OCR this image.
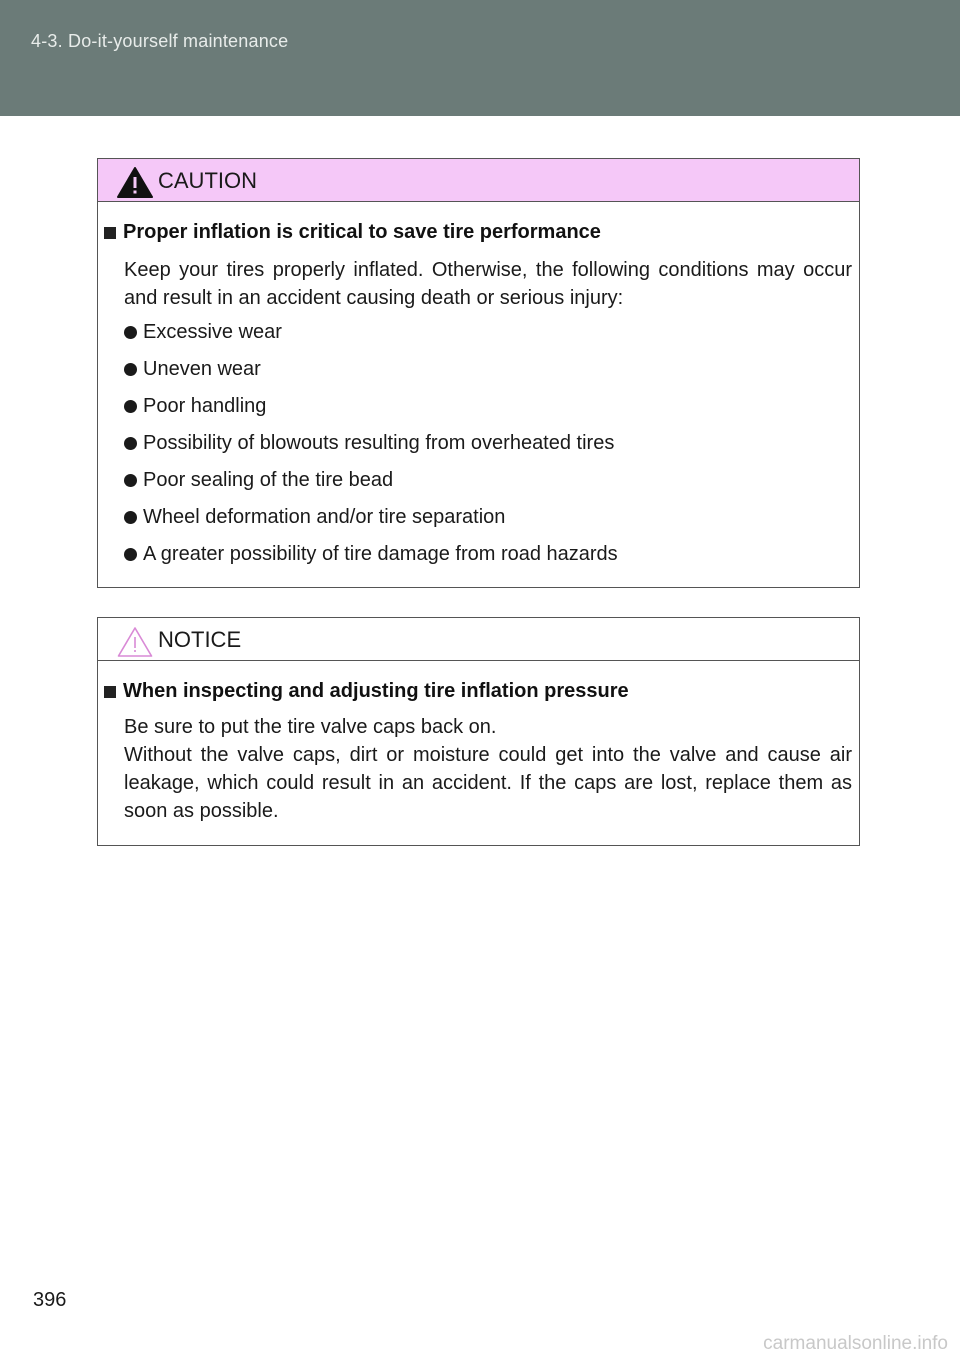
4-3. Do-it-yourself maintenance
CAUTION
Proper inflation is critical to save tire performance
Keep your tires properly inflated. Otherwise, the following conditions may occur and result in an accident causing death or serious injury:
Excessive wear
Uneven wear
Poor handling
Possibility of blowouts resulting from overheated tires
Poor sealing of the tire bead
Wheel deformation and/or tire separation
A greater possibility of tire damage from road hazards
NOTICE
When inspecting and adjusting tire inflation pressure
Be sure to put the tire valve caps back on.
Without the valve caps, dirt or moisture could get into the valve and cause air leakage, which could result in an accident. If the caps are lost, replace them as soon as possible.
396
carmanualsonline.info
